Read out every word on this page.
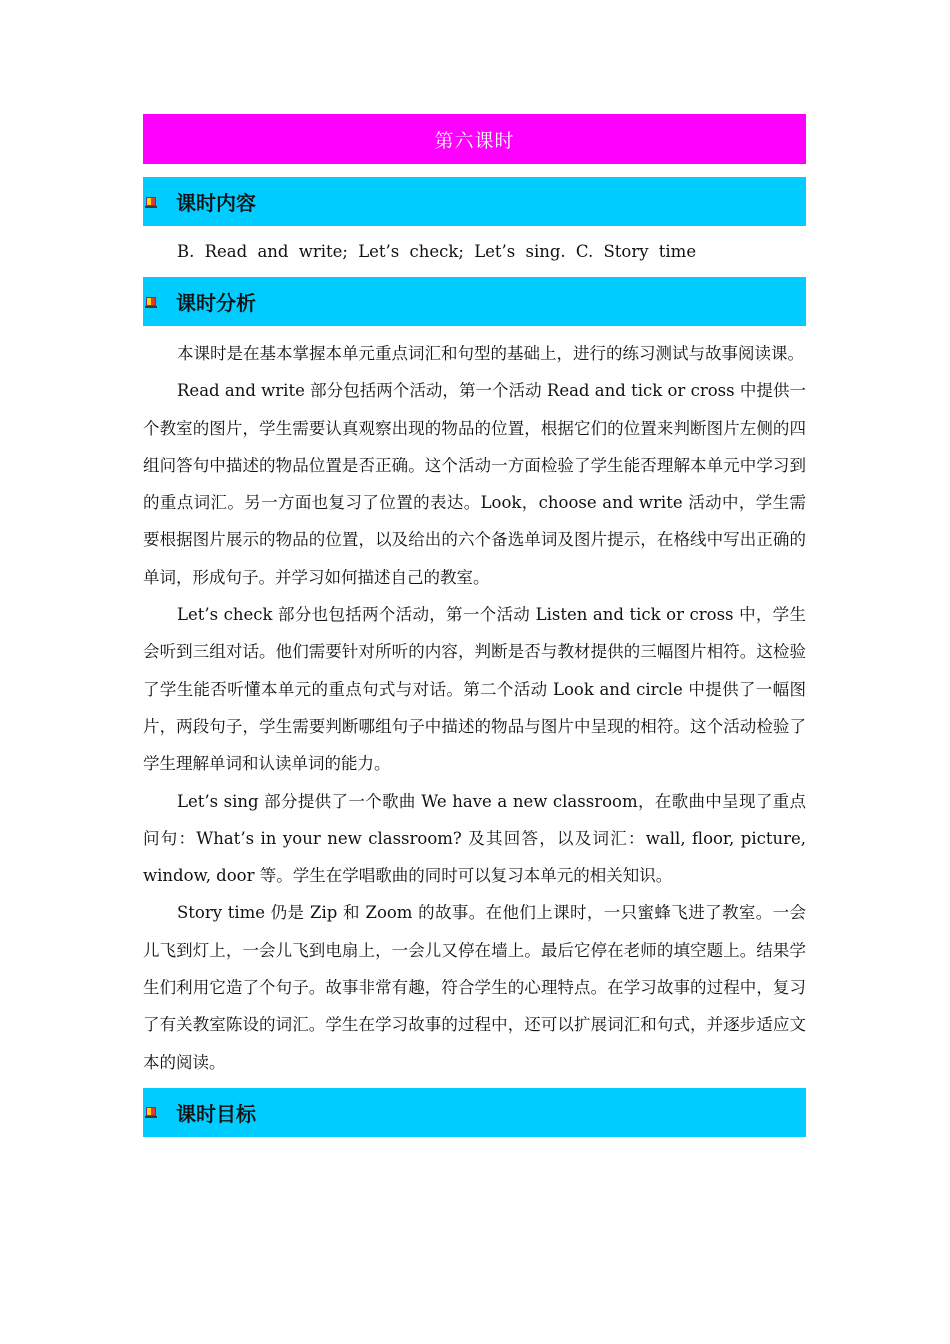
第六课时
课时内容
B. Read and write; Let’s check; Let’s sing. C. Story time
课时分析

本课时是在基本掌握本单元重点词汇和句型的基础上，进行的练习测试与故事阅读课。

Read and write 部分包括两个活动，第一个活动 Read and tick or cross 中提供一个教室的图片，学生需要认真观察出现的物品的位置，根据它们的位置来判断图片左侧的四组问答句中描述的物品位置是否正确。这个活动一方面检验了学生能否理解本单元中学习到的重点词汇。另一方面也复习了位置的表达。Look，choose and write 活动中，学生需要根据图片展示的物品的位置，以及给出的六个备选单词及图片提示，在格线中写出正确的单词，形成句子。并学习如何描述自己的教室。

Let’s check 部分也包括两个活动，第一个活动 Listen and tick or cross 中，学生会听到三组对话。他们需要针对所听的内容，判断是否与教材提供的三幅图片相符。这检验了学生能否听懂本单元的重点句式与对话。第二个活动 Look and circle 中提供了一幅图片，两段句子，学生需要判断哪组句子中描述的物品与图片中呈现的相符。这个活动检验了学生理解单词和认读单词的能力。

Let’s sing 部分提供了一个歌曲 We have a new classroom，在歌曲中呈现了重点问句：What’s in your new classroom? 及其回答，以及词汇：wall, floor, picture, window, door 等。学生在学唱歌曲的同时可以复习本单元的相关知识。

Story time 仍是 Zip 和 Zoom 的故事。在他们上课时，一只蜜蜂飞进了教室。一会儿飞到灯上，一会儿飞到电扇上，一会儿又停在墙上。最后它停在老师的填空题上。结果学生们利用它造了个句子。故事非常有趣，符合学生的心理特点。在学习故事的过程中，复习了有关教室陈设的词汇。学生在学习故事的过程中，还可以扩展词汇和句式，并逐步适应文本的阅读。

课时目标
